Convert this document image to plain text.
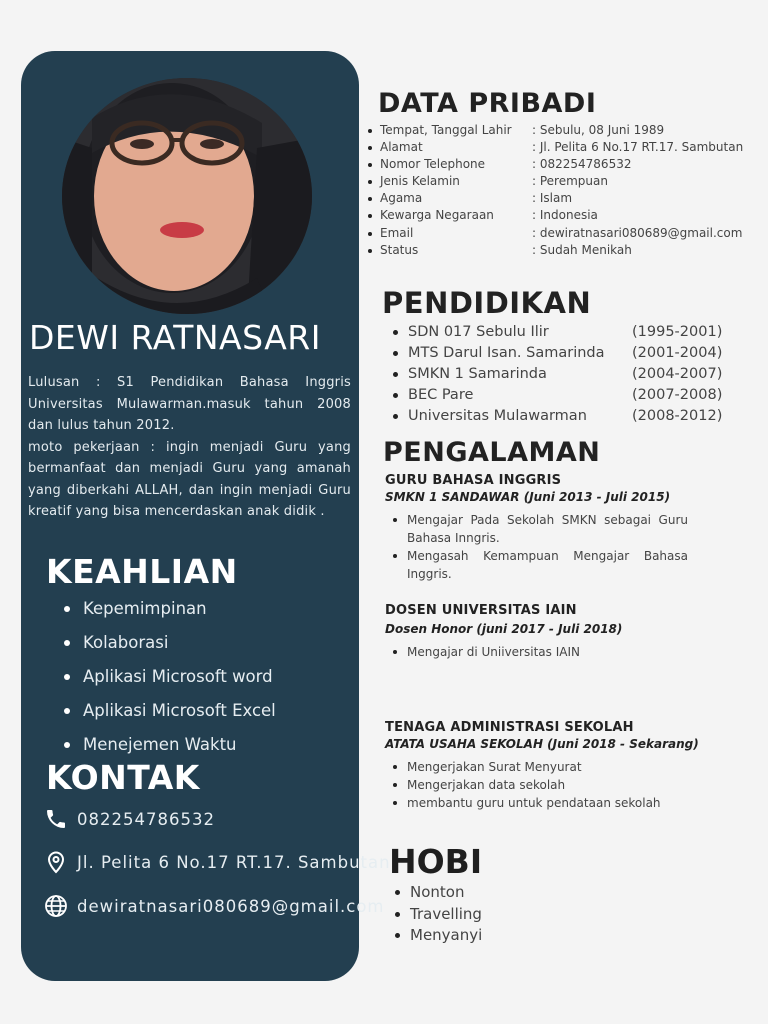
DEWI RATNASARI

Lulusan : S1 Pendidikan Bahasa Inggris Universitas Mulawarman.masuk tahun 2008 dan lulus tahun 2012.

moto pekerjaan : ingin menjadi Guru yang bermanfaat dan menjadi Guru yang amanah yang diberkahi ALLAH, dan ingin menjadi Guru kreatif yang bisa mencerdaskan anak didik .

KEAHLIAN
Kepemimpinan
Kolaborasi
Aplikasi Microsoft word
Aplikasi Microsoft Excel
Menejemen Waktu
KONTAK
082254786532
Jl. Pelita 6 No.17 RT.17. Sambutan
dewiratnasari080689@gmail.com
DATA PRIBADI
Tempat, Tanggal Lahir	: Sebulu, 08 Juni 1989
Alamat	: Jl. Pelita 6 No.17 RT.17. Sambutan
Nomor Telephone	: 082254786532
Jenis Kelamin	: Perempuan
Agama	: Islam
Kewarga Negaraan	: Indonesia
Email	: dewiratnasari080689@gmail.com
Status	: Sudah Menikah
PENDIDIKAN
SDN 017 Sebulu Ilir	(1995-2001)
MTS Darul Isan. Samarinda	(2001-2004)
SMKN 1 Samarinda	(2004-2007)
BEC Pare	(2007-2008)
Universitas Mulawarman	(2008-2012)
PENGALAMAN
GURU BAHASA INGGRIS
SMKN 1 SANDAWAR (Juni 2013 - Juli 2015)
Mengajar Pada Sekolah SMKN sebagai Guru Bahasa Inngris.
Mengasah Kemampuan Mengajar Bahasa Inggris.
DOSEN UNIVERSITAS IAIN
Dosen Honor (juni 2017 - Juli 2018)
Mengajar di Uniiversitas IAIN
TENAGA ADMINISTRASI SEKOLAH
ATATA USAHA SEKOLAH (Juni 2018 - Sekarang)
Mengerjakan Surat Menyurat
Mengerjakan data sekolah
membantu guru untuk pendataan sekolah
HOBI
Nonton
Travelling
Menyanyi
